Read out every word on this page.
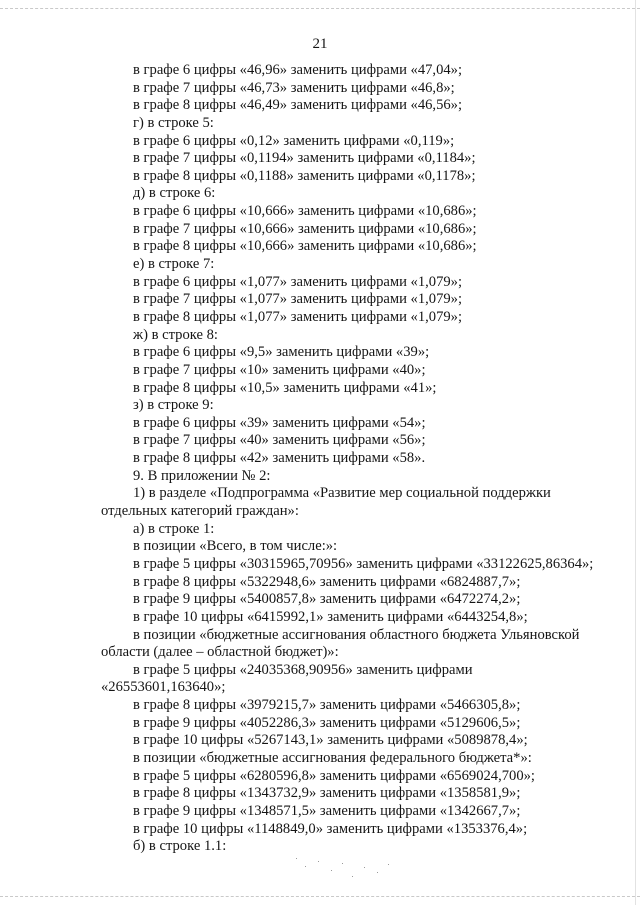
21
в графе 6 цифры «46,96» заменить цифрами «47,04»;
в графе 7 цифры «46,73» заменить цифрами «46,8»;
в графе 8 цифры «46,49» заменить цифрами «46,56»;
г) в строке 5:
в графе 6 цифры «0,12» заменить цифрами «0,119»;
в графе 7 цифры «0,1194» заменить цифрами «0,1184»;
в графе 8 цифры «0,1188» заменить цифрами «0,1178»;
д) в строке 6:
в графе 6 цифры «10,666» заменить цифрами «10,686»;
в графе 7 цифры «10,666» заменить цифрами «10,686»;
в графе 8 цифры «10,666» заменить цифрами «10,686»;
е) в строке 7:
в графе 6 цифры «1,077» заменить цифрами «1,079»;
в графе 7 цифры «1,077» заменить цифрами «1,079»;
в графе 8 цифры «1,077» заменить цифрами «1,079»;
ж) в строке 8:
в графе 6 цифры «9,5» заменить цифрами «39»;
в графе 7 цифры «10» заменить цифрами «40»;
в графе 8 цифры «10,5» заменить цифрами «41»;
з) в строке 9:
в графе 6 цифры «39» заменить цифрами «54»;
в графе 7 цифры «40» заменить цифрами «56»;
в графе 8 цифры «42» заменить цифрами «58».
9. В приложении № 2:
1) в разделе «Подпрограмма «Развитие мер социальной поддержки
отдельных категорий граждан»:
а) в строке 1:
в позиции «Всего, в том числе:»:
в графе 5 цифры «30315965,70956» заменить цифрами «33122625,86364»;
в графе 8 цифры «5322948,6» заменить цифрами «6824887,7»;
в графе 9 цифры «5400857,8» заменить цифрами «6472274,2»;
в графе 10 цифры «6415992,1» заменить цифрами «6443254,8»;
в позиции «бюджетные ассигнования областного бюджета Ульяновской
области (далее – областной бюджет)»:
в графе 5 цифры «24035368,90956» заменить цифрами
«26553601,163640»;
в графе 8 цифры «3979215,7» заменить цифрами «5466305,8»;
в графе 9 цифры «4052286,3» заменить цифрами «5129606,5»;
в графе 10 цифры «5267143,1» заменить цифрами «5089878,4»;
в позиции «бюджетные ассигнования федерального бюджета*»:
в графе 5 цифры «6280596,8» заменить цифрами «6569024,700»;
в графе 8 цифры «1343732,9» заменить цифрами «1358581,9»;
в графе 9 цифры «1348571,5» заменить цифрами «1342667,7»;
в графе 10 цифры «1148849,0» заменить цифрами «1353376,4»;
б) в строке 1.1:
